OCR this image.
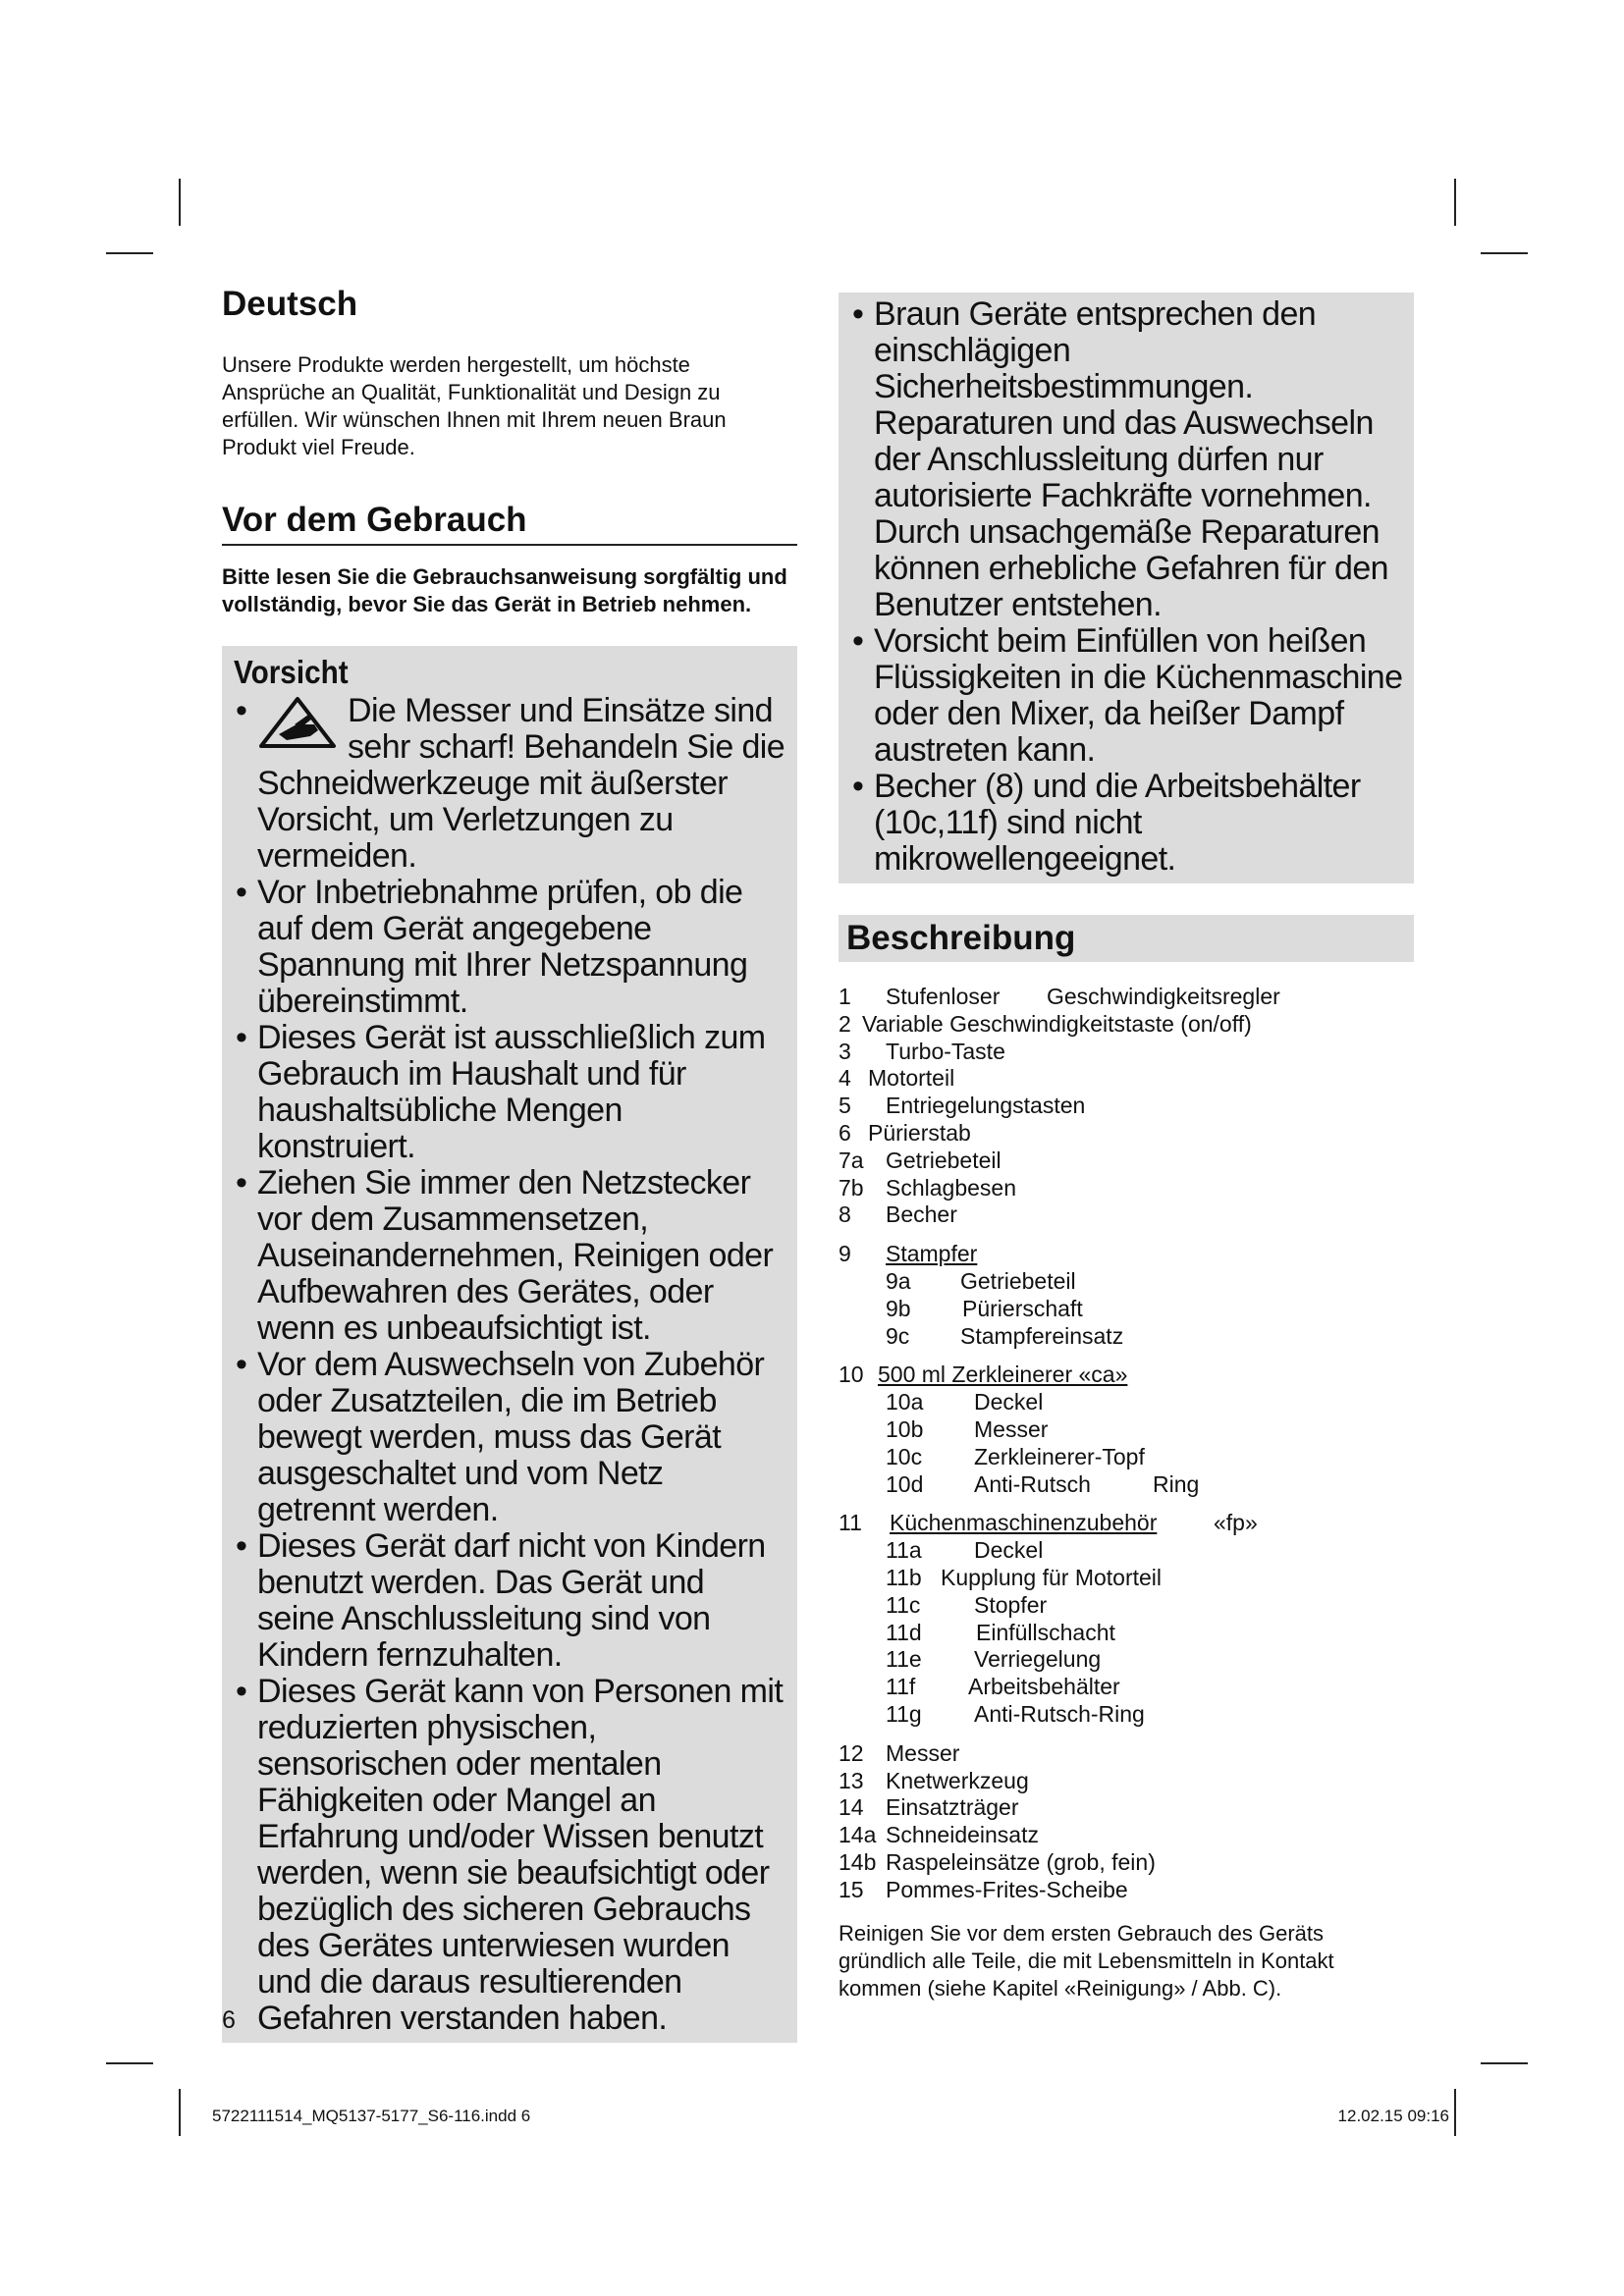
Deutsch

Unsere Produkte werden hergestellt, um höchste Ansprüche an Qualität, Funktionalität und Design zu erfüllen. Wir wünschen Ihnen mit Ihrem neuen Braun Produkt viel Freude.

Vor dem Gebrauch

Bitte lesen Sie die Gebrauchsanweisung sorgfältig und vollständig, bevor Sie das Gerät in Betrieb nehmen.

Vorsicht
• Die Messer und Einsätze sind sehr scharf! Behandeln Sie die Schneidwerkzeuge mit äußerster Vorsicht, um Verletzungen zu vermeiden.
• Vor Inbetriebnahme prüfen, ob die auf dem Gerät angegebene Spannung mit Ihrer Netzspannung übereinstimmt.
• Dieses Gerät ist ausschließlich zum Gebrauch im Haushalt und für haushaltsübliche Mengen konstruiert.
• Ziehen Sie immer den Netzstecker vor dem Zusammensetzen, Auseinandernehmen, Reinigen oder Aufbewahren des Gerätes, oder wenn es unbeaufsichtigt ist.
• Vor dem Auswechseln von Zubehör oder Zusatzteilen, die im Betrieb bewegt werden, muss das Gerät ausgeschaltet und vom Netz getrennt werden.
• Dieses Gerät darf nicht von Kindern benutzt werden. Das Gerät und seine Anschlussleitung sind von Kindern fernzuhalten.
• Dieses Gerät kann von Personen mit reduzierten physischen, sensorischen oder mentalen Fähigkeiten oder Mangel an Erfahrung und/oder Wissen benutzt werden, wenn sie beaufsichtigt oder bezüglich des sicheren Gebrauchs des Gerätes unterwiesen wurden und die daraus resultierenden Gefahren verstanden haben.
• Braun Geräte entsprechen den einschlägigen Sicherheitsbestimmungen. Reparaturen und das Auswechseln der Anschlussleitung dürfen nur autorisierte Fachkräfte vornehmen. Durch unsachgemäße Reparaturen können erhebliche Gefahren für den Benutzer entstehen.
• Vorsicht beim Einfüllen von heißen Flüssigkeiten in die Küchenmaschine oder den Mixer, da heißer Dampf austreten kann.
• Becher (8) und die Arbeitsbehälter (10c,11f) sind nicht mikrowellengeeignet.
Beschreibung
1 Stufenloser Geschwindigkeitsregler
2 Variable Geschwindigkeitstaste (on/off)
3 Turbo-Taste
4 Motorteil
5 Entriegelungstasten
6 Pürierstab
7a Getriebeteil
7b Schlagbesen
8 Becher
9 Stampfer
9a Getriebeteil
9b Pürierschaft
9c Stampfereinsatz
10 500 ml Zerkleinerer «ca»
10a Deckel
10b Messer
10c Zerkleinerer-Topf
10d Anti-Rutsch	Ring
11 Küchenmaschinenzubehör	«fp»
11a Deckel
11b Kupplung für Motorteil
11c Stopfer
11d Einfüllschacht
11e Verriegelung
11f Arbeitsbehälter
11g Anti-Rutsch-Ring
12 Messer
13 Knetwerkzeug
14 Einsatzträger
14a Schneideinsatz
14b Raspeleinsätze (grob, fein)
15 Pommes-Frites-Scheibe

Reinigen Sie vor dem ersten Gebrauch des Geräts gründlich alle Teile, die mit Lebensmitteln in Kontakt kommen (siehe Kapitel «Reinigung» / Abb. C).

6
5722111514_MQ5137-5177_S6-116.indd 6	12.02.15 09:16
